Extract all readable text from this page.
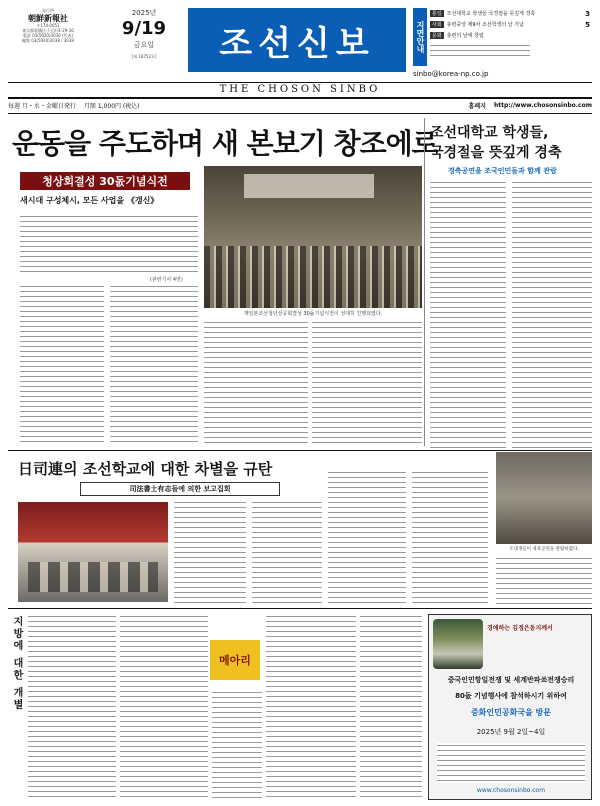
発行所
朝鮮新報社
〒174-0051
東京都板橋区小豆沢4-29-16
電話 03(5920)3030 (代表)
編集 03(5920)3038 / 3039
2025년
9/19
금요일
[제 18752호]	조선신보	지면안내
통일	조선대학교 학생들 국경절을 뜻깊게 경축	3
사회	총련중앙 제9차 조선학생의 날 기념	5
문화	총련의 날에 창립
sinbo@korea-np.co.jp
THE CHOSON SINBO
毎週 月・水・金曜日発行 月額 1,000円 (税込)	홈페지 http://www.chosonsinbo.com
운동을 주도하며 새 본보기 창조에로
청상회결성 30돐기념식전
새시대 구성체시, 모든 사업을 《갱신》
(관련기사 4면)
재일본조선청년상공회결성 30돐기념식전이 성대히 진행되였다.
조선대학교 학생들,
국경절을 뜻깊게 경축
경축공연을 조국인민들과 함께 관람
日司連의 조선학교에 대한 차별을 규탄
司法書士有志들에 의한 보고집회
조대생들이 경축공연을 관람하였다.
지방에 대한 개별	메아리
경애하는 김정은동지께서
중국인민항일전쟁 및 세계반파쑈전쟁승리
80돐 기념행사에 참석하시기 위하여
중화인민공화국을 방문
2025년 9월 2일~4일
www.chosonsinbo.com
